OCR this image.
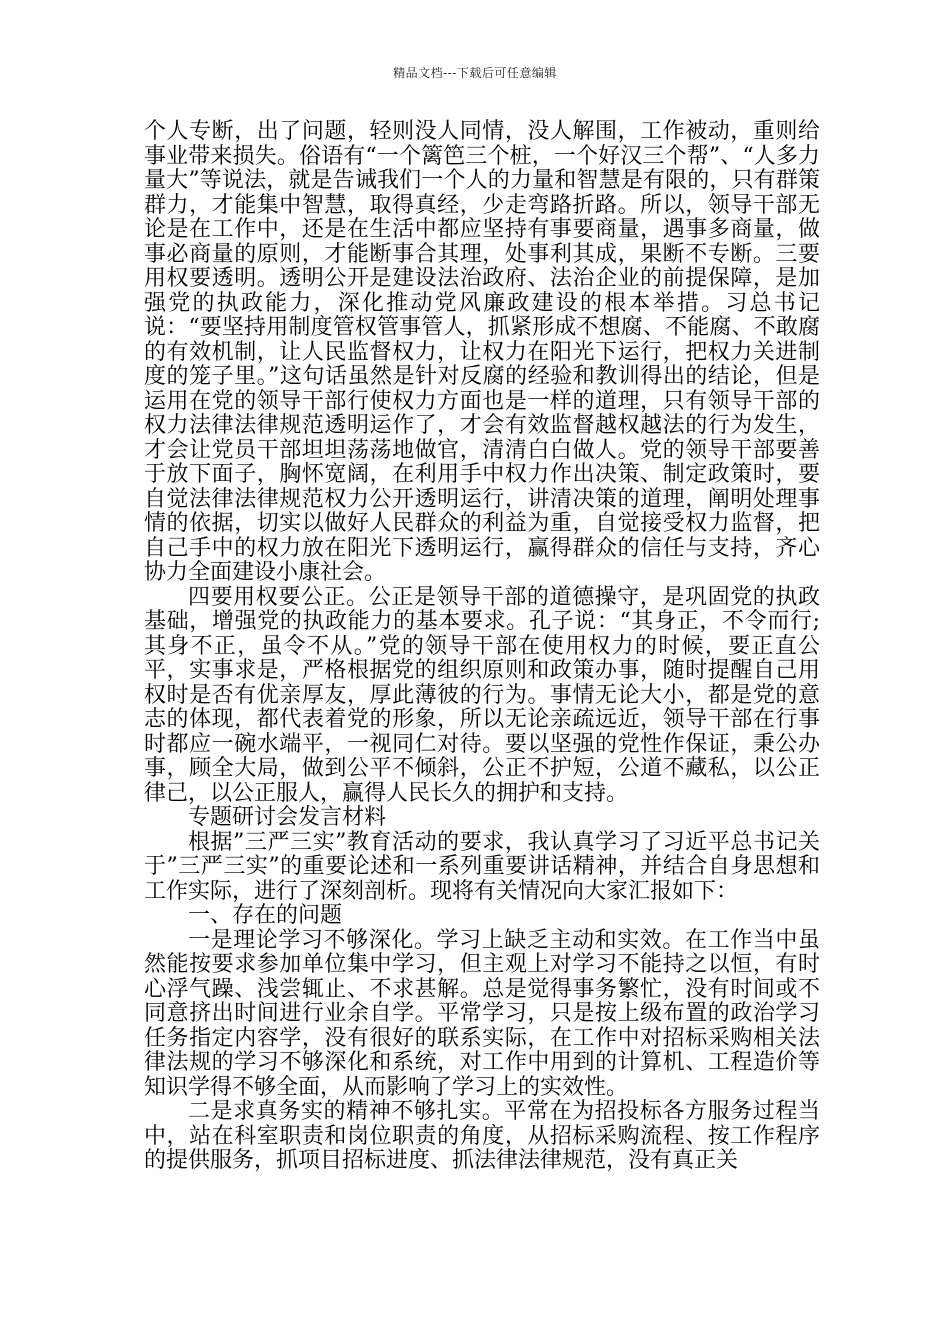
精品文档---下载后可任意编辑

个人专断，出了问题，轻则没人同情，没人解围，工作被动，重则给事业带来损失。俗语有“一个篱笆三个桩，一个好汉三个帮”、“人多力量大”等说法，就是告诫我们一个人的力量和智慧是有限的，只有群策群力，才能集中智慧，取得真经，少走弯路折路。所以，领导干部无论是在工作中，还是在生活中都应坚持有事要商量，遇事多商量，做事必商量的原则，才能断事合其理，处事利其成，果断不专断。三要用权要透明。透明公开是建设法治政府、法治企业的前提保障，是加强党的执政能力，深化推动党风廉政建设的根本举措。习总书记说：“要坚持用制度管权管事管人，抓紧形成不想腐、不能腐、不敢腐的有效机制，让人民监督权力，让权力在阳光下运行，把权力关进制度的笼子里。”这句话虽然是针对反腐的经验和教训得出的结论，但是运用在党的领导干部行使权力方面也是一样的道理，只有领导干部的权力法律法律规范透明运作了，才会有效监督越权越法的行为发生，才会让党员干部坦坦荡荡地做官，清清白白做人。党的领导干部要善于放下面子，胸怀宽阔，在利用手中权力作出决策、制定政策时，要自觉法律法律规范权力公开透明运行，讲清决策的道理，阐明处理事情的依据，切实以做好人民群众的利益为重，自觉接受权力监督，把自己手中的权力放在阳光下透明运行，赢得群众的信任与支持，齐心协力全面建设小康社会。

四要用权要公正。公正是领导干部的道德操守，是巩固党的执政基础，增强党的执政能力的基本要求。孔子说：“其身正，不令而行;其身不正，虽令不从。”党的领导干部在使用权力的时候，要正直公平，实事求是，严格根据党的组织原则和政策办事，随时提醒自己用权时是否有优亲厚友，厚此薄彼的行为。事情无论大小，都是党的意志的体现，都代表着党的形象，所以无论亲疏远近，领导干部在行事时都应一碗水端平，一视同仁对待。要以坚强的党性作保证，秉公办事，顾全大局，做到公平不倾斜，公正不护短，公道不藏私，以公正律己，以公正服人，赢得人民长久的拥护和支持。

专题研讨会发言材料

根据”三严三实”教育活动的要求，我认真学习了习近平总书记关于”三严三实”的重要论述和一系列重要讲话精神，并结合自身思想和工作实际，进行了深刻剖析。现将有关情况向大家汇报如下：

一、存在的问题

一是理论学习不够深化。学习上缺乏主动和实效。在工作当中虽然能按要求参加单位集中学习，但主观上对学习不能持之以恒，有时心浮气躁、浅尝辄止、不求甚解。总是觉得事务繁忙，没有时间或不同意挤出时间进行业余自学。平常学习，只是按上级布置的政治学习任务指定内容学，没有很好的联系实际，在工作中对招标采购相关法律法规的学习不够深化和系统，对工作中用到的计算机、工程造价等知识学得不够全面，从而影响了学习上的实效性。

二是求真务实的精神不够扎实。平常在为招投标各方服务过程当中，站在科室职责和岗位职责的角度，从招标采购流程、按工作程序的提供服务，抓项目招标进度、抓法律法律规范，没有真正关
